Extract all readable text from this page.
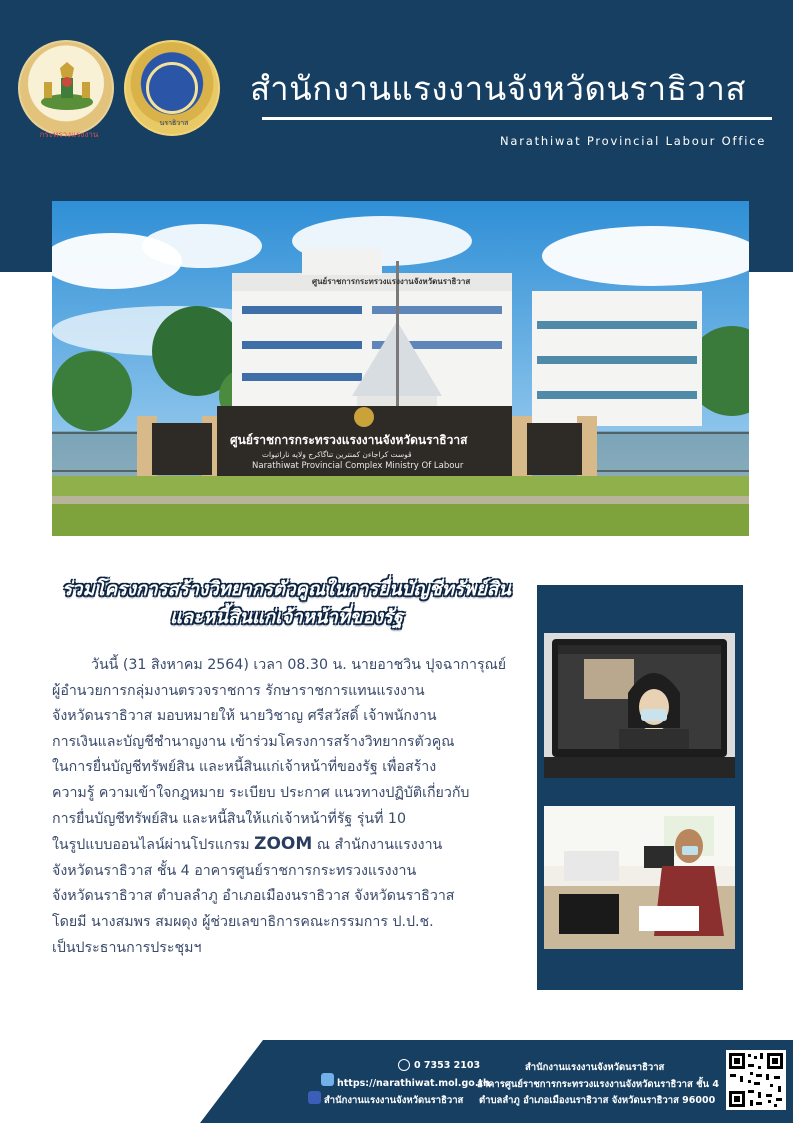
กระทรวงแรงงาน
นราธิวาส
สำนักงานแรงงานจังหวัดนราธิวาส
Narathiwat Provincial Labour Office
ศูนย์ราชการกระทรวงแรงงานจังหวัดนราธิวาส
ศูนย์ราชการกระทรวงแรงงานจังหวัดนราธิวาส
ڤوست كراجاءن کمنترين تناگاکرج ولايه ناراتيوات
Narathiwat Provincial Complex Ministry Of Labour
ร่วมโครงการสร้างวิทยากรตัวคูณในการยื่นบัญชีทรัพย์สิน
และหนี้สินแก่เจ้าหน้าที่ของรัฐ
วันนี้ (31 สิงหาคม 2564) เวลา 08.30 น. นายอาชวิน ปุจฉาการุณย์
ผู้อำนวยการกลุ่มงานตรวจราชการ รักษาราชการแทนแรงงาน
จังหวัดนราธิวาส มอบหมายให้ นายวิชาญ ศรีสวัสดิ์ เจ้าพนักงาน
การเงินและบัญชีชำนาญงาน เข้าร่วมโครงการสร้างวิทยากรตัวคูณ
ในการยื่นบัญชีทรัพย์สิน และหนี้สินแก่เจ้าหน้าที่ของรัฐ เพื่อสร้าง
ความรู้ ความเข้าใจกฎหมาย ระเบียบ ประกาศ แนวทางปฏิบัติเกี่ยวกับ
การยื่นบัญชีทรัพย์สิน และหนี้สินให้แก่เจ้าหน้าที่รัฐ รุ่นที่ 10
ในรูปแบบออนไลน์ผ่านโปรแกรม ZOOM ณ สำนักงานแรงงาน
จังหวัดนราธิวาส ชั้น 4 อาคารศูนย์ราชการกระทรวงแรงงาน
จังหวัดนราธิวาส ตำบลลำภู อำเภอเมืองนราธิวาส จังหวัดนราธิวาส
โดยมี นางสมพร สมผดุง ผู้ช่วยเลขาธิการคณะกรรมการ ป.ป.ช.
เป็นประธานการประชุมฯ
0 7353 2103
https://narathiwat.mol.go.th
สำนักงานแรงงานจังหวัดนราธิวาส
สำนักงานแรงงานจังหวัดนราธิวาส
อาคารศูนย์ราชการกระทรวงแรงงานจังหวัดนราธิวาส ชั้น 4
ตำบลลำภู อำเภอเมืองนราธิวาส จังหวัดนราธิวาส 96000
